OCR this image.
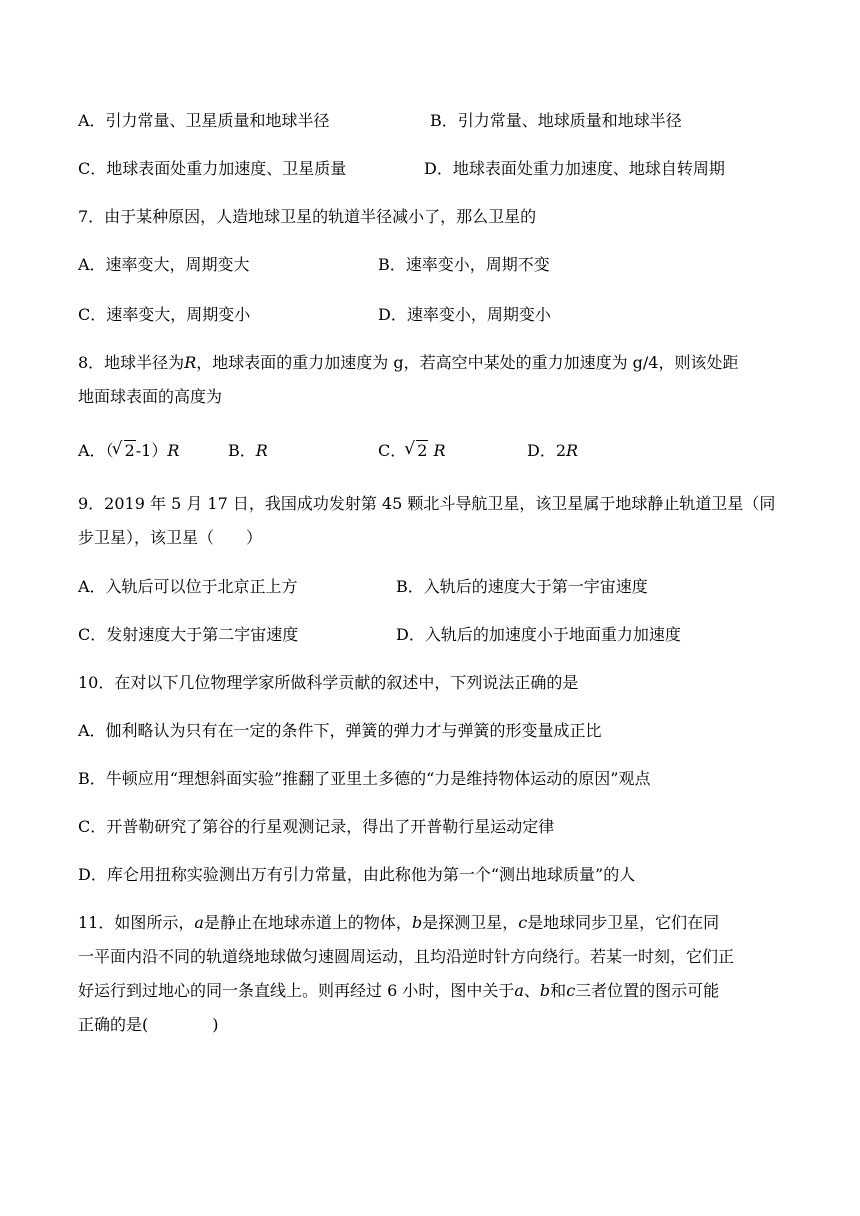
A．引力常量、卫星质量和地球半径	B．引力常量、地球质量和地球半径
C．地球表面处重力加速度、卫星质量	D．地球表面处重力加速度、地球自转周期
7．由于某种原因，人造地球卫星的轨道半径减小了，那么卫星的
A．速率变大，周期变大	B．速率变小，周期不变
C．速率变大，周期变小	D．速率变小，周期变小
8．地球半径为R，地球表面的重力加速度为 g，若高空中某处的重力加速度为 g/4，则该处距
地面球表面的高度为
A．（ √ 2-1）R	B．R	C． √ 2 R	D．2R
9．2019 年 5 月 17 日，我国成功发射第 45 颗北斗导航卫星，该卫星属于地球静止轨道卫星（同
步卫星），该卫星（　　）
A．入轨后可以位于北京正上方	B．入轨后的速度大于第一宇宙速度
C．发射速度大于第二宇宙速度	D．入轨后的加速度小于地面重力加速度
10．在对以下几位物理学家所做科学贡献的叙述中，下列说法正确的是
A．伽利略认为只有在一定的条件下，弹簧的弹力才与弹簧的形变量成正比
B．牛顿应用“理想斜面实验”推翻了亚里土多德的“力是维持物体运动的原因”观点
C．开普勒研究了第谷的行星观测记录，得出了开普勒行星运动定律
D．库仑用扭称实验测出万有引力常量，由此称他为第一个“测出地球质量”的人
11．如图所示，a是静止在地球赤道上的物体，b是探测卫星，c是地球同步卫星，它们在同
一平面内沿不同的轨道绕地球做匀速圆周运动，且均沿逆时针方向绕行。若某一时刻，它们正
好运行到过地心的同一条直线上。则再经过 6 小时，图中关于a、b和c三者位置的图示可能
正确的是(　　　　)
